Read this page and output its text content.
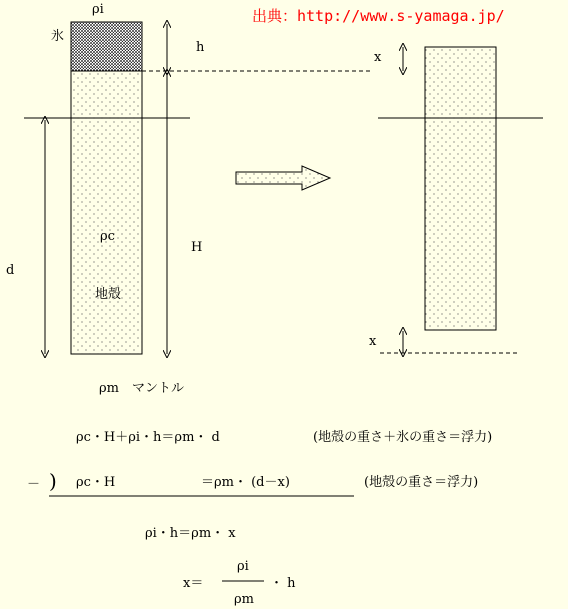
出典：http://www.s-yamaga.jp/
ρi
氷
h
ρc
H
地殻
d
ρm　マントル
x
x
ρc・H＋ρi・h＝ρm・ d	(地殻の重さ＋氷の重さ＝浮力)
－ ) ρc・H	＝ρm・ (d－x)	(地殻の重さ＝浮力)
ρi・h＝ρm・ x
x＝
ρi
ρm
・ h
